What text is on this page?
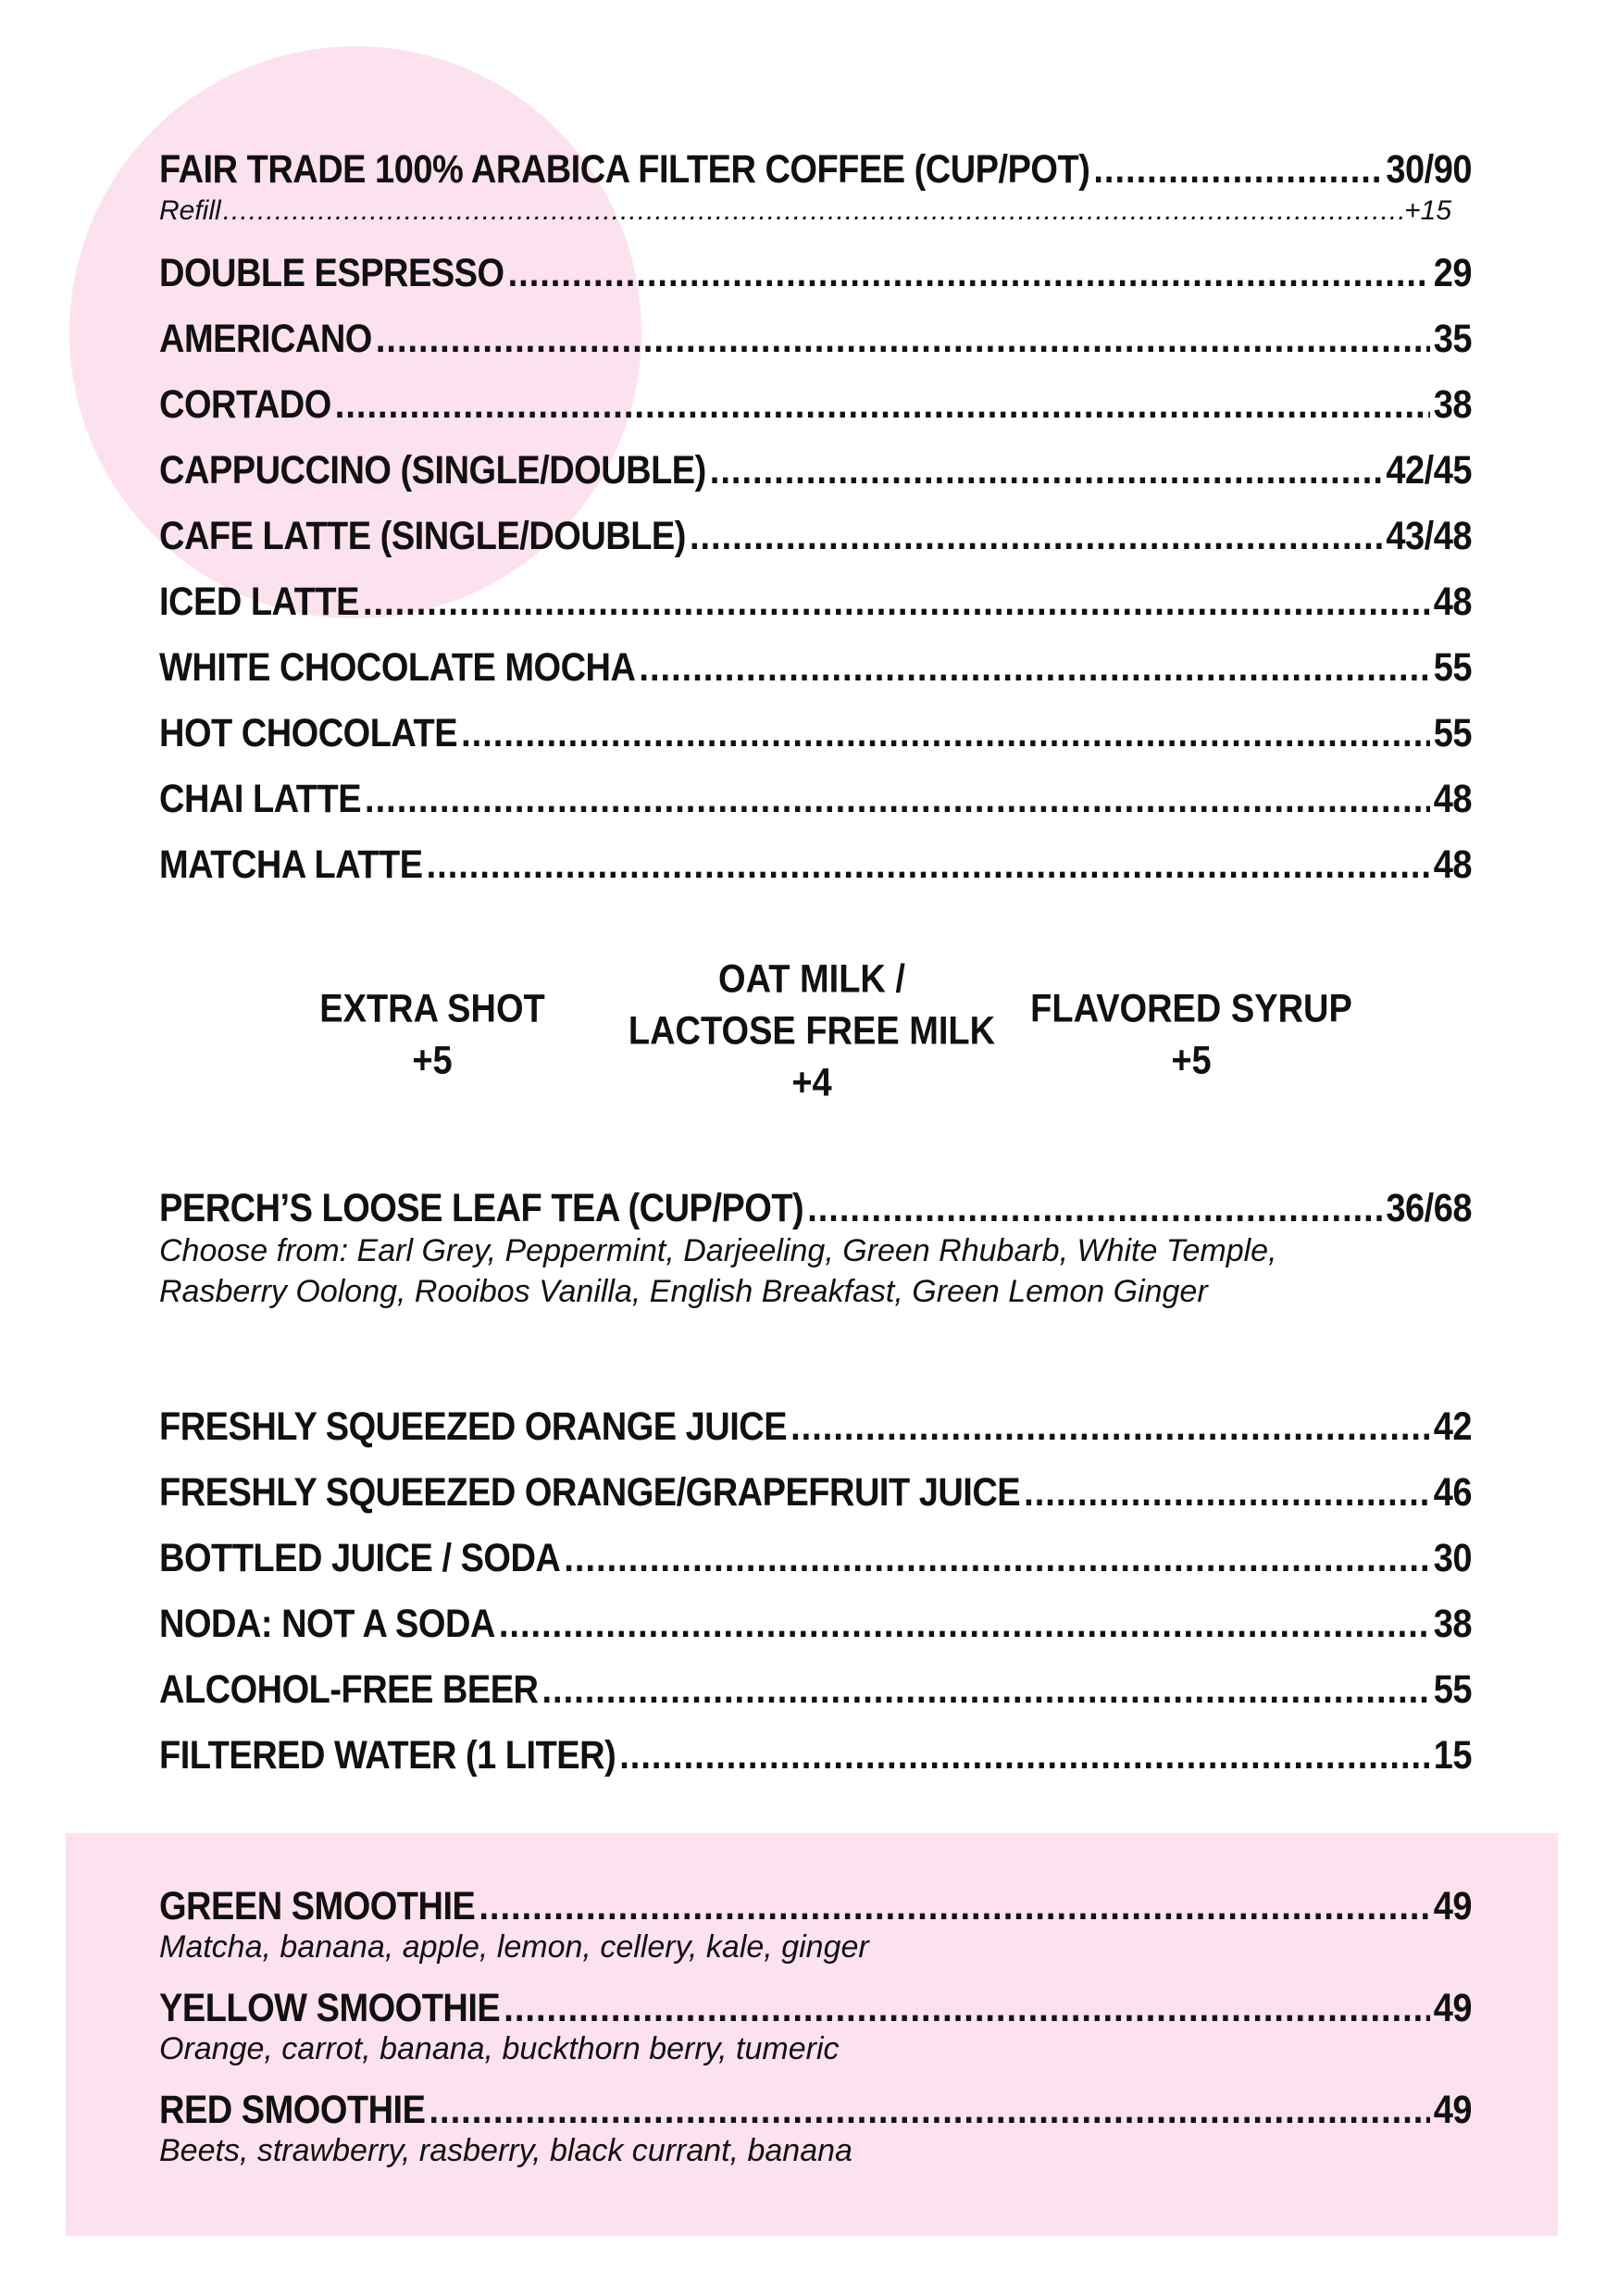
FAIR TRADE 100% ARABICA FILTER COFFEE (CUP/POT) .....	30/90
Refill .....	+15
DOUBLE ESPRESSO .....	29
AMERICANO .....	35
CORTADO .....	38
CAPPUCCINO (SINGLE/DOUBLE) .....	42/45
CAFE LATTE (SINGLE/DOUBLE) .....	43/48
ICED LATTE .....	48
WHITE CHOCOLATE MOCHA .....	55
HOT CHOCOLATE .....	55
CHAI LATTE .....	48
MATCHA LATTE .....	48
EXTRA SHOT
+5
OAT MILK /
LACTOSE FREE MILK
+4
FLAVORED SYRUP
+5
PERCH’S LOOSE LEAF TEA (CUP/POT) .....	36/68
Choose from: Earl Grey, Peppermint, Darjeeling, Green Rhubarb, White Temple,
Rasberry Oolong, Rooibos Vanilla, English Breakfast, Green Lemon Ginger
FRESHLY SQUEEZED ORANGE JUICE .....	42
FRESHLY SQUEEZED ORANGE/GRAPEFRUIT JUICE .....	46
BOTTLED JUICE / SODA .....	30
NODA: NOT A SODA .....	38
ALCOHOL-FREE BEER .....	55
FILTERED WATER (1 LITER) .....	15
GREEN SMOOTHIE .....	49
Matcha, banana, apple, lemon, cellery, kale, ginger
YELLOW SMOOTHIE .....	49
Orange, carrot, banana, buckthorn berry, tumeric
RED SMOOTHIE .....	49
Beets, strawberry, rasberry, black currant, banana
